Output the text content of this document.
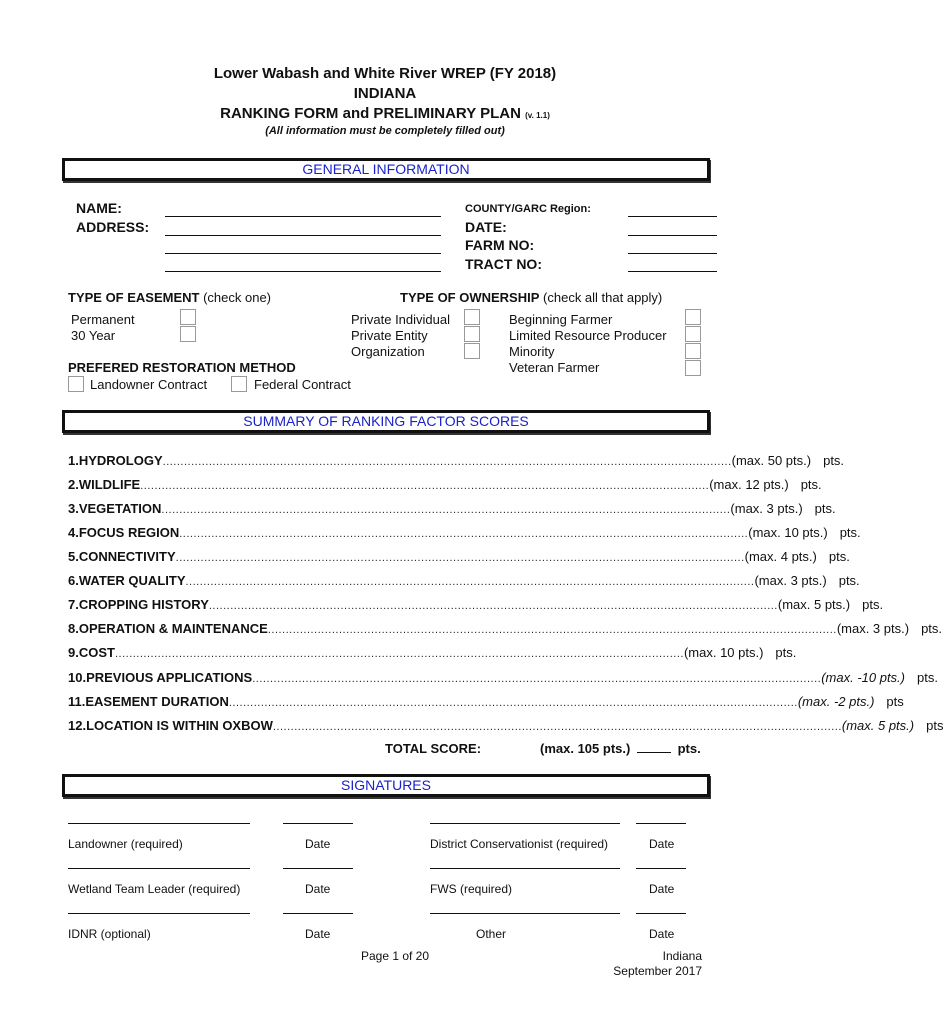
Lower Wabash and White River WREP (FY 2018)
INDIANA
RANKING FORM and PRELIMINARY PLAN (v. 1.1)
(All information must be completely filled out)
GENERAL INFORMATION
NAME:
ADDRESS:
COUNTY/GARC Region:
DATE:
FARM NO:
TRACT NO:
TYPE OF EASEMENT (check one)
Permanent
30 Year
TYPE OF OWNERSHIP (check all that apply)
Private Individual
Private Entity
Organization
Beginning Farmer
Limited Resource Producer
Minority
Veteran Farmer
PREFERED RESTORATION METHOD
Landowner Contract	Federal Contract
SUMMARY OF RANKING FACTOR SCORES
1. HYDROLOGY ................................................................................................................................................................ (max. 50 pts.) pts.
2. WILDLIFE ................................................................................................................................................................ (max. 12 pts.) pts.
3. VEGETATION ................................................................................................................................................................ (max. 3 pts.) pts.
4. FOCUS REGION ................................................................................................................................................................ (max. 10 pts.) pts.
5. CONNECTIVITY ................................................................................................................................................................ (max. 4 pts.) pts.
6. WATER QUALITY ................................................................................................................................................................ (max. 3 pts.) pts.
7. CROPPING HISTORY ................................................................................................................................................................ (max. 5 pts.) pts.
8. OPERATION & MAINTENANCE ................................................................................................................................................................ (max. 3 pts.) pts.
9. COST ................................................................................................................................................................ (max. 10 pts.) pts.
10. PREVIOUS APPLICATIONS ................................................................................................................................................................ (max. -10 pts.) pts.
11. EASEMENT DURATION ................................................................................................................................................................ (max. -2 pts.) pts
12. LOCATION IS WITHIN OXBOW ................................................................................................................................................................ (max. 5 pts.) pts
TOTAL SCORE:	(max. 105 pts.)	pts.
SIGNATURES
Landowner (required)	Date	District Conservationist (required)	Date
Wetland Team Leader (required)	Date	FWS (required)	Date
IDNR (optional)	Date	Other	Date
Page 1 of 20	Indiana
September 2017
